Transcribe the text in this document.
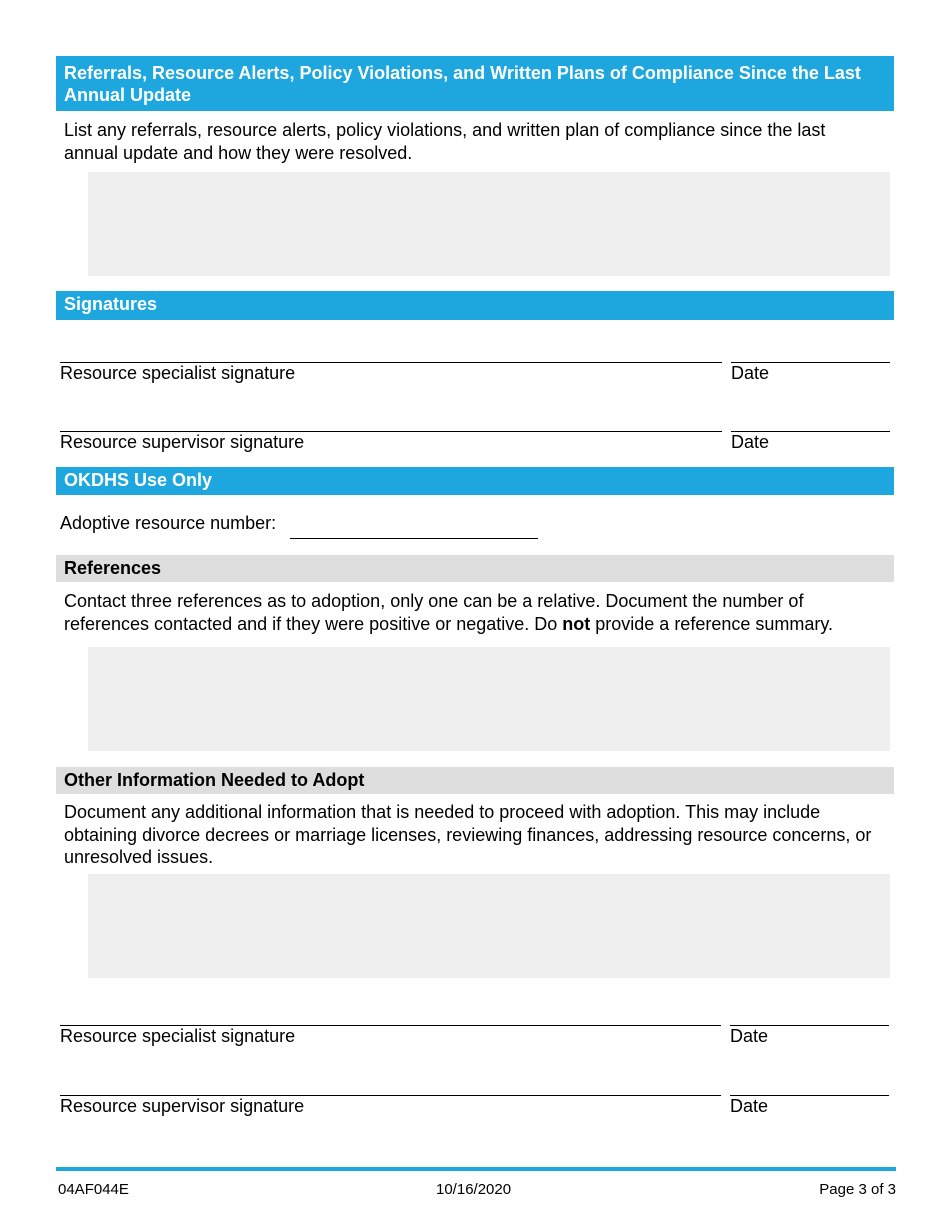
Referrals, Resource Alerts, Policy Violations, and Written Plans of Compliance Since the Last Annual Update
List any referrals, resource alerts, policy violations, and written plan of compliance since the last annual update and how they were resolved.
Signatures
Resource specialist signature	Date
Resource supervisor signature	Date
OKDHS Use Only
Adoptive resource number:
References
Contact three references as to adoption, only one can be a relative. Document the number of references contacted and if they were positive or negative. Do not provide a reference summary.
Other Information Needed to Adopt
Document any additional information that is needed to proceed with adoption. This may include obtaining divorce decrees or marriage licenses, reviewing finances, addressing resource concerns, or unresolved issues.
Resource specialist signature	Date
Resource supervisor signature	Date
04AF044E	10/16/2020	Page 3 of 3
